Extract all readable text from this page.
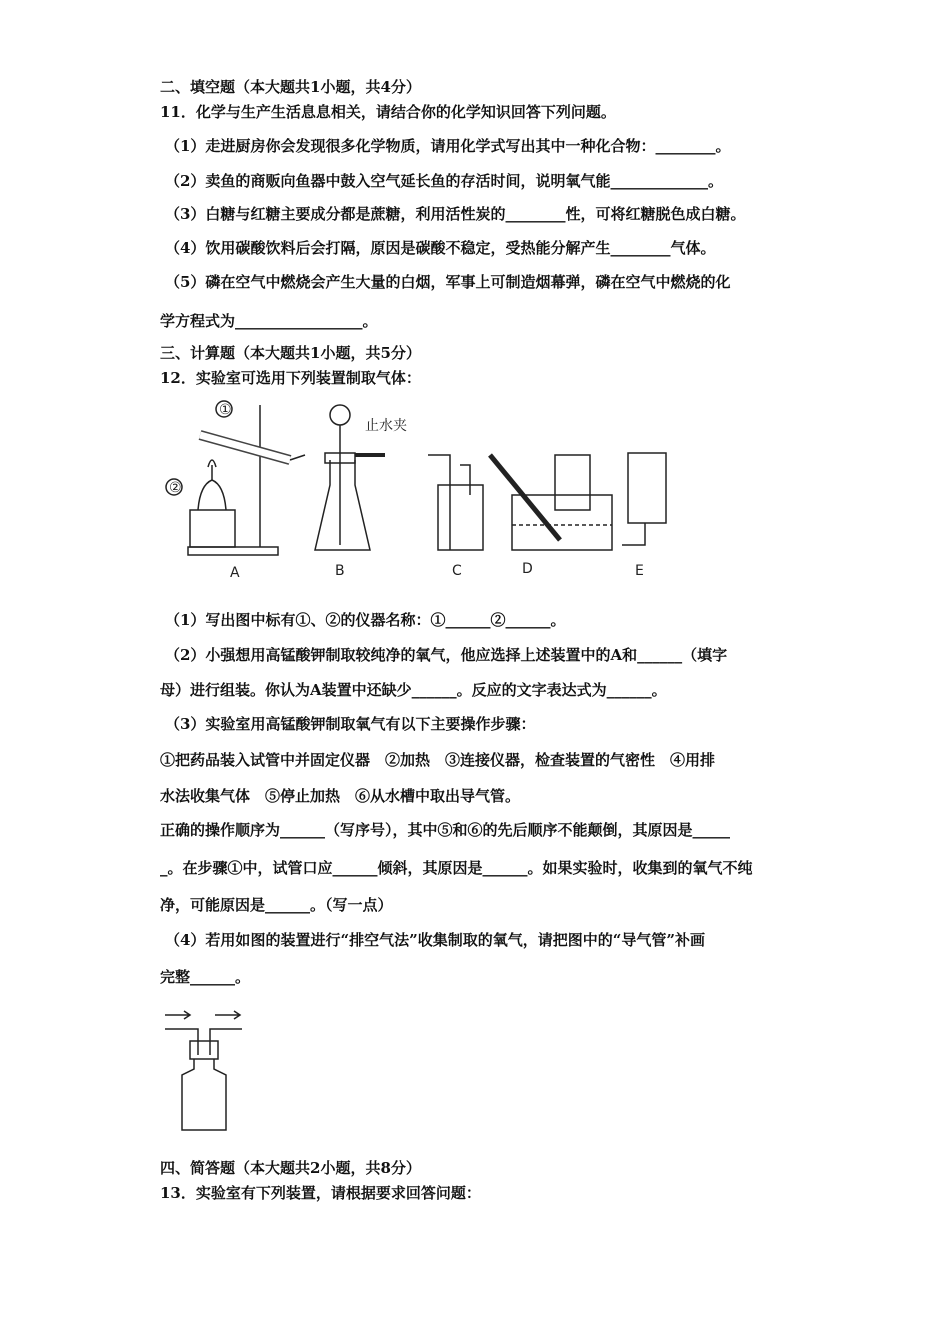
二、填空题（本大题共1小题，共4分）
11．化学与生产生活息息相关，请结合你的化学知识回答下列问题。
（1）走进厨房你会发现很多化学物质，请用化学式写出其中一种化合物：________。
（2）卖鱼的商贩向鱼器中鼓入空气延长鱼的存活时间，说明氧气能_____________。
（3）白糖与红糖主要成分都是蔗糖，利用活性炭的________性，可将红糖脱色成白糖。
（4）饮用碳酸饮料后会打隔，原因是碳酸不稳定，受热能分解产生________气体。
（5）磷在空气中燃烧会产生大量的白烟，军事上可制造烟幕弹，磷在空气中燃烧的化
学方程式为_________________。
三、计算题（本大题共1小题，共5分）
12．实验室可选用下列装置制取气体：
②
①
止水夹
A	B	C	D	E
（1）写出图中标有①、②的仪器名称：①______②______。
（2）小强想用高锰酸钾制取较纯净的氧气，他应选择上述装置中的A和______（填字
母）进行组装。你认为A装置中还缺少______。反应的文字表达式为______。
（3）实验室用高锰酸钾制取氧气有以下主要操作步骤：
①把药品装入试管中并固定仪器　②加热　③连接仪器，检查装置的气密性　④用排
水法收集气体　⑤停止加热　⑥从水槽中取出导气管。
正确的操作顺序为______（写序号），其中⑤和⑥的先后顺序不能颠倒，其原因是_____
_。在步骤①中，试管口应______倾斜，其原因是______。如果实验时，收集到的氧气不纯
净，可能原因是______。（写一点）
（4）若用如图的装置进行“排空气法”收集制取的氧气，请把图中的“导气管”补画
完整______。
四、简答题（本大题共2小题，共8分）
13．实验室有下列装置，请根据要求回答问题：
